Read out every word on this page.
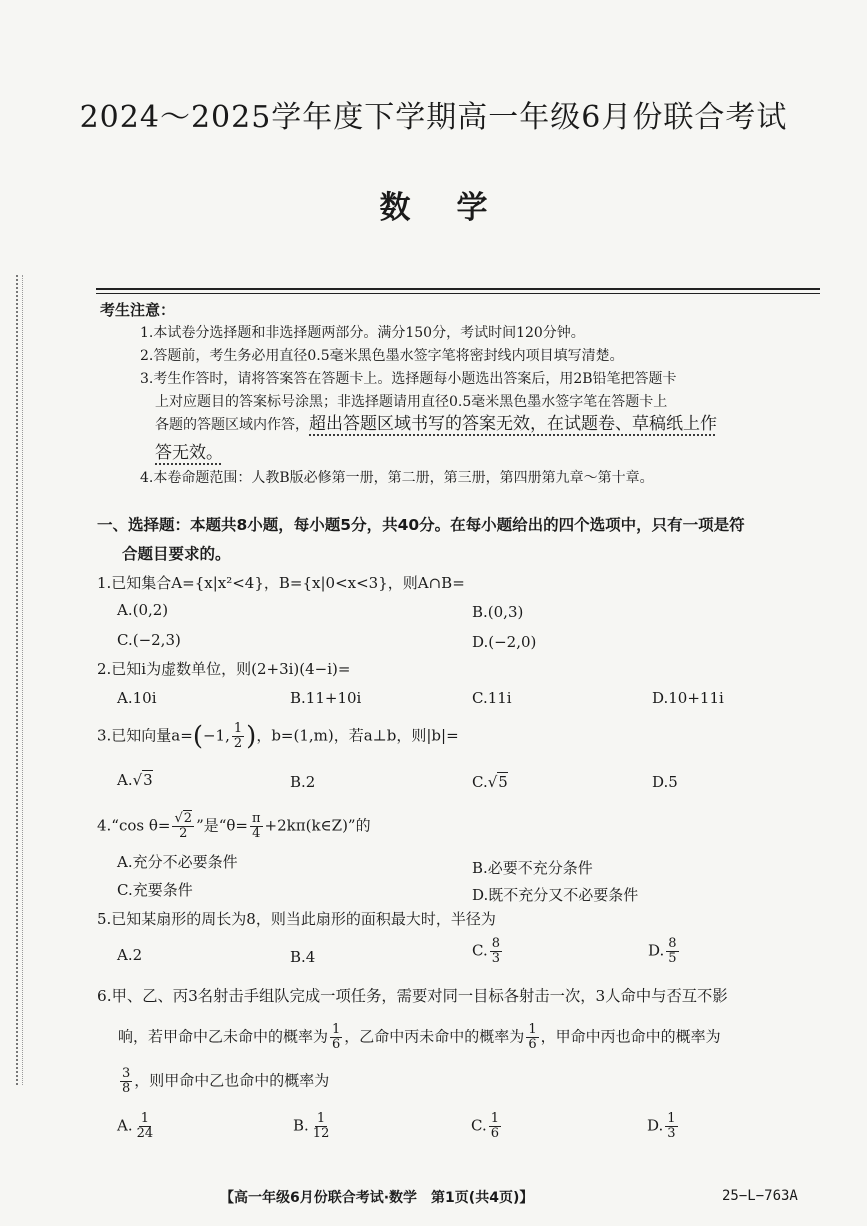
2024～2025学年度下学期高一年级6月份联合考试
数学
考生注意：
1.本试卷分选择题和非选择题两部分。满分150分，考试时间120分钟。
2.答题前，考生务必用直径0.5毫米黑色墨水签字笔将密封线内项目填写清楚。
3.考生作答时，请将答案答在答题卡上。选择题每小题选出答案后，用2B铅笔把答题卡
上对应题目的答案标号涂黑；非选择题请用直径0.5毫米黑色墨水签字笔在答题卡上
各题的答题区域内作答，超出答题区域书写的答案无效，在试题卷、草稿纸上作
答无效。
4.本卷命题范围：人教B版必修第一册，第二册，第三册，第四册第九章～第十章。
一、选择题：本题共8小题，每小题5分，共40分。在每小题给出的四个选项中，只有一项是符
合题目要求的。
1.已知集合A={x|x²<4}，B={x|0<x<3}，则A∩B=
A.(0,2)	B.(0,3)
C.(−2,3)	D.(−2,0)
2.已知i为虚数单位，则(2+3i)(4−i)=
A.10i	B.11+10i	C.11i	D.10+11i
3.已知向量a=(−1, $\frac{1}{2}$ )，b=(1,m)，若a⊥b，则|b|=
A.√3	B.2	C.√5	D.5
4.“cos $\theta= \frac{√2}{2}$ ”是“$\theta= \frac{\pi}{4}$ +2kπ(k∈Z)”的
A.充分不必要条件	B.必要不充分条件
C.充要条件	D.既不充分又不必要条件
5.已知某扇形的周长为8，则当此扇形的面积最大时，半径为
A.2	B.4	C. $\frac{8}{3}$	D. $\frac{8}{5}$
6.甲、乙、丙3名射击手组队完成一项任务，需要对同一目标各射击一次，3人命中与否互不影
响，若甲命中乙未命中的概率为 $\frac{1}{6}$ ，乙命中丙未命中的概率为 $\frac{1}{6}$ ，甲命中丙也命中的概率为
$\frac{3}{8}$ ，则甲命中乙也命中的概率为
A. $\frac{1}{24}$	B. $\frac{1}{12}$	C. $\frac{1}{6}$	D. $\frac{1}{3}$
【高一年级6月份联合考试·数学　第1页(共4页)】	25−L−763A
